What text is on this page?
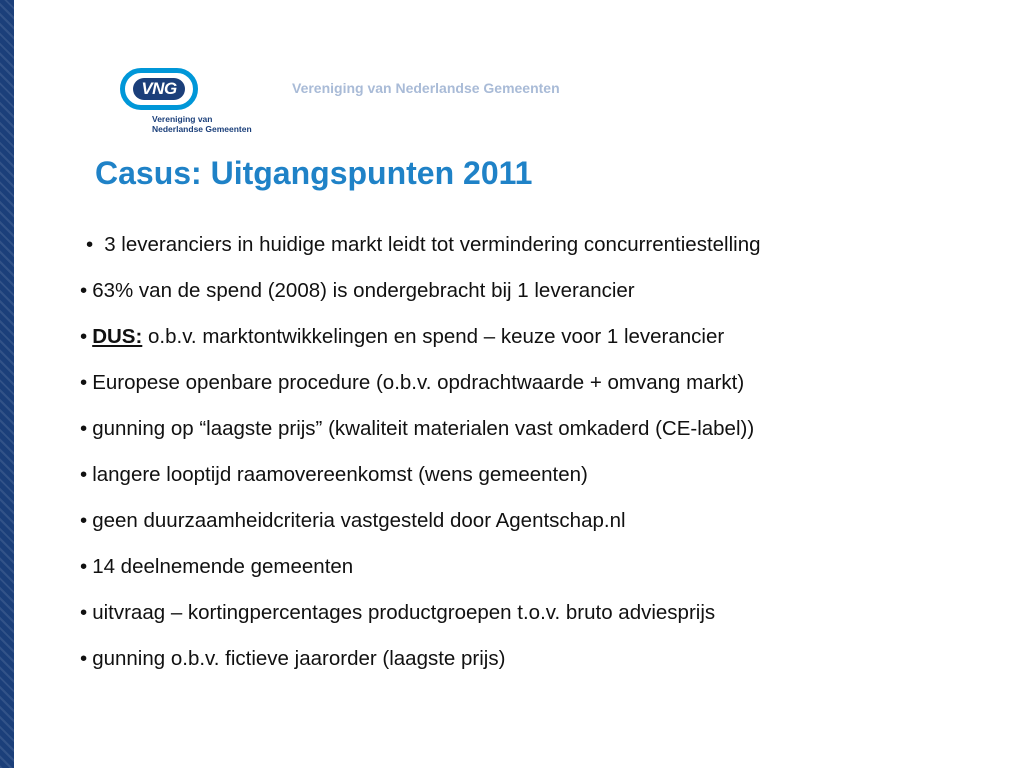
VNG
Vereniging van
Nederlandse Gemeenten
Vereniging van Nederlandse Gemeenten
Casus: Uitgangspunten 2011
• 3 leveranciers in huidige markt leidt tot vermindering concurrentiestelling
• 63% van de spend (2008) is ondergebracht bij 1 leverancier
• DUS: o.b.v. marktontwikkelingen en spend – keuze voor 1 leverancier
• Europese openbare procedure (o.b.v. opdrachtwaarde + omvang markt)
• gunning op “laagste prijs” (kwaliteit materialen vast omkaderd (CE-label))
• langere looptijd raamovereenkomst (wens gemeenten)
• geen duurzaamheidcriteria vastgesteld door Agentschap.nl
• 14 deelnemende gemeenten
• uitvraag – kortingpercentages productgroepen t.o.v. bruto adviesprijs
• gunning o.b.v. fictieve jaarorder (laagste prijs)
